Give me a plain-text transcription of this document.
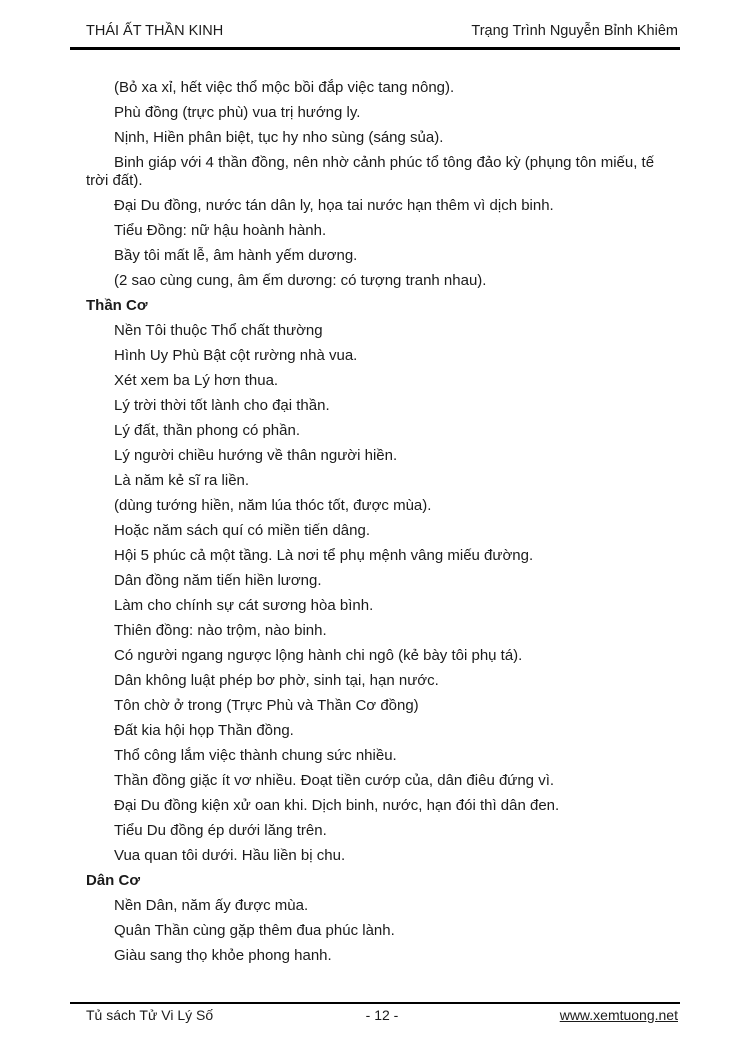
THÁI ẤT THẦN KINH	Trạng Trình Nguyễn Bỉnh Khiêm
(Bỏ xa xỉ, hết việc thổ mộc bồi đắp việc tang nông).
Phù đồng (trực phù) vua trị hướng ly.
Nịnh, Hiền phân biệt, tục hy nho sùng (sáng sủa).
Binh giáp với 4 thần đồng, nên nhờ cảnh phúc tổ tông đảo kỳ (phụng tôn miếu, tế trời đất).
Đại Du đồng, nước tán dân ly, họa tai nước hạn thêm vì dịch binh.
Tiểu Đồng: nữ hậu hoành hành.
Bầy tôi mất lễ, âm hành yếm dương.
(2 sao cùng cung, âm ếm dương: có tượng tranh nhau).
Thần Cơ
Nền Tôi thuộc Thổ chất thường
Hình Uy Phù Bật cột rường nhà vua.
Xét xem ba Lý hơn thua.
Lý trời thời tốt lành cho đại thần.
Lý đất, thần phong có phần.
Lý người chiều hướng về thân người hiền.
Là năm kẻ sĩ ra liền.
(dùng tướng hiền, năm lúa thóc tốt, được mùa).
Hoặc năm sách quí có miền tiến dâng.
Hội 5 phúc cả một tầng. Là nơi tể phụ mệnh vâng miếu đường.
Dân đồng năm tiến hiền lương.
Làm cho chính sự cát sương hòa bình.
Thiên đồng: nào trộm, nào binh.
Có người ngang ngược lộng hành chi ngô (kẻ bày tôi phụ tá).
Dân không luật phép bơ phờ, sinh tại, hạn nước.
Tôn chờ ở trong (Trực Phù và Thần Cơ đồng)
Đất kia hội họp Thần đồng.
Thổ công lắm việc thành chung sức nhiều.
Thần đồng giặc ít vơ nhiều. Đoạt tiền cướp của, dân điêu đứng vì.
Đại Du đồng kiện xử oan khi. Dịch binh, nước, hạn đói thì dân đen.
Tiểu Du đồng ép dưới lăng trên.
Vua quan tôi dưới. Hầu liền bị chu.
Dân Cơ
Nền Dân, năm ấy được mùa.
Quân Thần cùng gặp thêm đua phúc lành.
Giàu sang thọ khỏe phong hanh.
Tủ sách Tử Vi Lý Số	- 12 -	www.xemtuong.net
